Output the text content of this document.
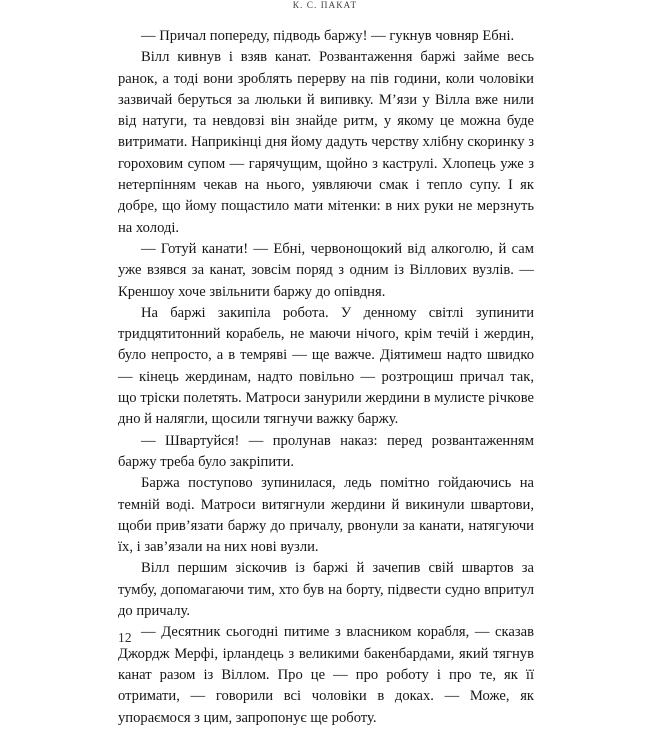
К. С. ПАКАТ

— Причал попереду, підводь баржу! — гукнув човняр Ебні.

Вілл кивнув і взяв канат. Розвантаження баржі займе весь ранок, а тоді вони зроблять перерву на пів години, коли чоловіки зазвичай беруться за люльки й випивку. М’язи у Вілла вже нили від натуги, та невдовзі він знайде ритм, у якому це можна буде витримати. Наприкінці дня йому дадуть черству хлібну скоринку з гороховим супом — гарячущим, щойно з каструлі. Хлопець уже з нетерпінням чекав на нього, уявляючи смак і тепло супу. І як добре, що йому пощастило мати мітенки: в них руки не мерзнуть на холоді.

— Готуй канати! — Ебні, червонощокий від алкоголю, й сам уже взявся за канат, зовсім поряд з одним із Віллових вузлів. — Креншоу хоче звільнити баржу до опівдня.

На баржі закипіла робота. У денному світлі зупинити тридцятитонний корабель, не маючи нічого, крім течій і жердин, було непросто, а в темряві — ще важче. Діятимеш надто швидко — кінець жердинам, надто повільно — розтрощиш причал так, що тріски полетять. Матроси занурили жердини в мулисте річкове дно й налягли, щосили тягнучи важку баржу.

— Швартуйся! — пролунав наказ: перед розвантаженням баржу треба було закріпити.

Баржа поступово зупинилася, ледь помітно гойдаючись на темній воді. Матроси витягнули жердини й викинули швартови, щоби прив’язати баржу до причалу, рвонули за канати, натягуючи їх, і зав’язали на них нові вузли.

Вілл першим зіскочив із баржі й зачепив свій швартов за тумбу, допомагаючи тим, хто був на борту, підвести судно впритул до причалу.

— Десятник сьогодні питиме з власником корабля, — сказав Джордж Мерфі, ірландець з великими бакенбардами, який тягнув канат разом із Віллом. Про це — про роботу і про те, як її отримати, — говорили всі чоловіки в доках. — Може, як упораємося з цим, запропонує ще роботу.

12
